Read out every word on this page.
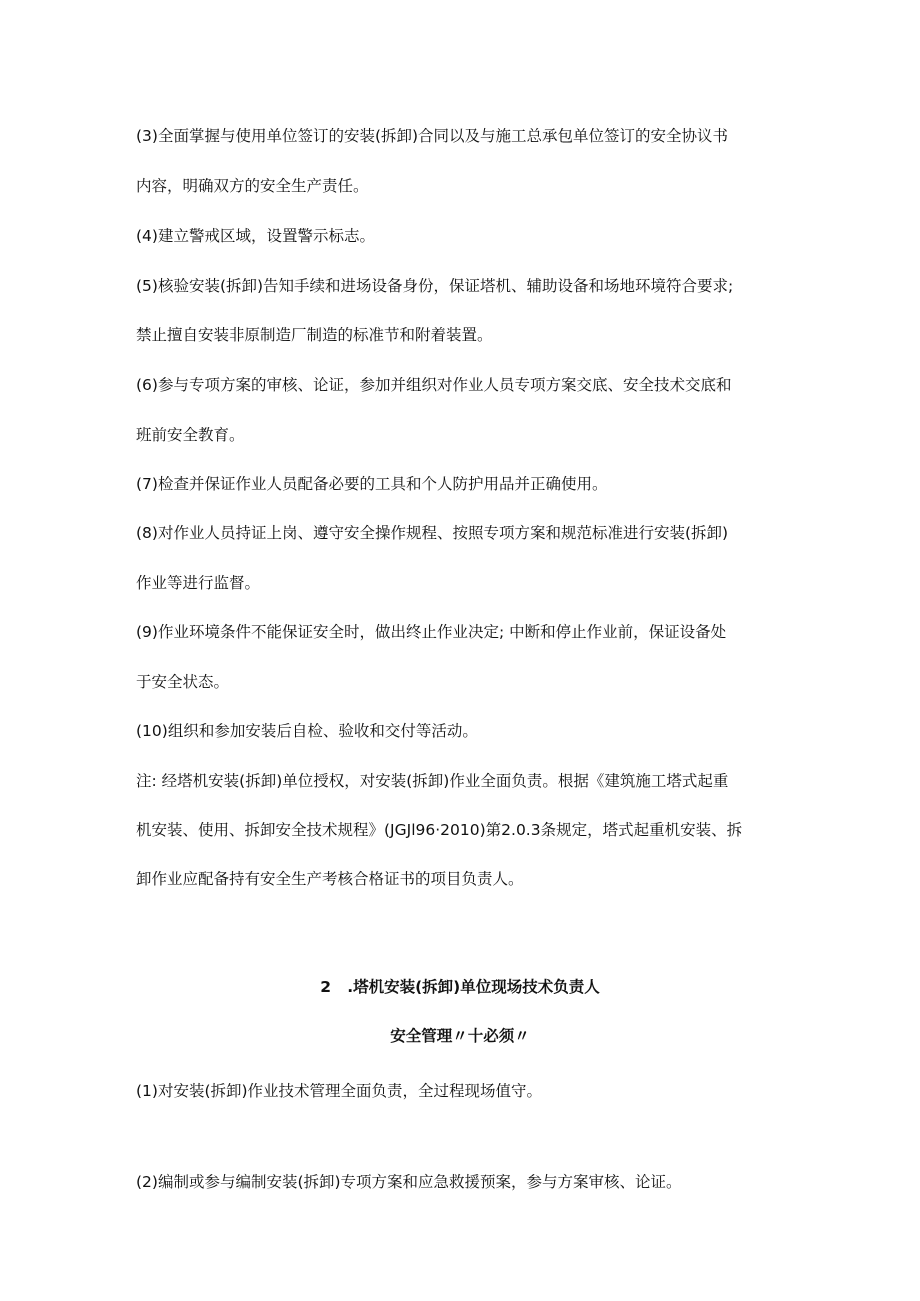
(3)全面掌握与使用单位签订的安装(拆卸)合同以及与施工总承包单位签订的安全协议书

内容，明确双方的安全生产责任。

(4)建立警戒区域，设置警示标志。

(5)核验安装(拆卸)告知手续和进场设备身份，保证塔机、辅助设备和场地环境符合要求;

禁止擅自安装非原制造厂制造的标准节和附着装置。

(6)参与专项方案的审核、论证，参加并组织对作业人员专项方案交底、安全技术交底和

班前安全教育。

(7)检查并保证作业人员配备必要的工具和个人防护用品并正确使用。

(8)对作业人员持证上岗、遵守安全操作规程、按照专项方案和规范标准进行安装(拆卸)

作业等进行监督。

(9)作业环境条件不能保证安全时，做出终止作业决定; 中断和停止作业前，保证设备处

于安全状态。

(10)组织和参加安装后自检、验收和交付等活动。

注: 经塔机安装(拆卸)单位授权，对安装(拆卸)作业全面负责。根据《建筑施工塔式起重

机安装、使用、拆卸安全技术规程》(JGJl96·2010)第2.0.3条规定，塔式起重机安装、拆

卸作业应配备持有安全生产考核合格证书的项目负责人。

2   .塔机安装(拆卸)单位现场技术负责人

安全管理〃十必须〃

(1)对安装(拆卸)作业技术管理全面负责，全过程现场值守。

(2)编制或参与编制安装(拆卸)专项方案和应急救援预案，参与方案审核、论证。
